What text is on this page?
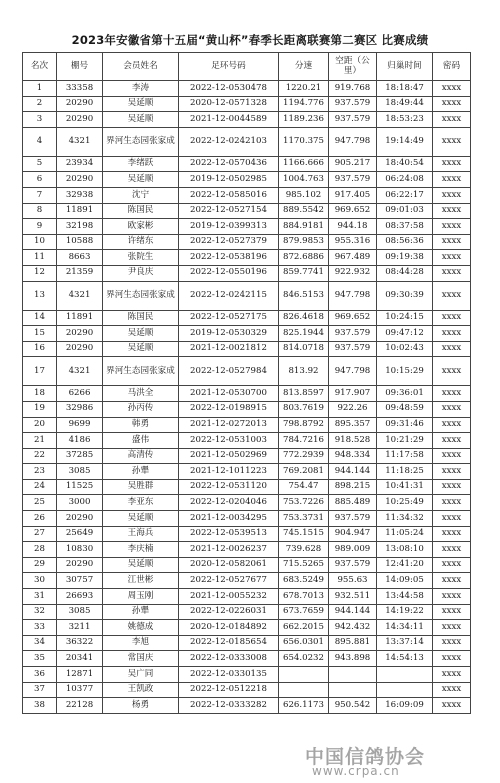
2023年安徽省第十五届“黄山杯”春季长距离联赛第二赛区 比赛成绩
名次	棚号	会员姓名	足环号码	分速	空距（公里）	归巢时间	密码
1	33358	李涛	2022-12-0530478	1220.21	919.768	18:18:47	xxxx
2	20290	吴延顺	2020-12-0571328	1194.776	937.579	18:49:44	xxxx
3	20290	吴延顺	2021-12-0044589	1189.236	937.579	18:53:23	xxxx
4	4321	界河生态园张家成	2022-12-0242103	1170.375	947.798	19:14:49	xxxx
5	23934	李绪跃	2022-12-0570436	1166.666	905.217	18:40:54	xxxx
6	20290	吴延顺	2019-12-0502985	1004.763	937.579	06:24:08	xxxx
7	32938	沈宁	2022-12-0585016	985.102	917.405	06:22:17	xxxx
8	11891	陈国民	2022-12-0527154	889.5542	969.652	09:01:03	xxxx
9	32198	欧家彬	2019-12-0399313	884.9181	944.18	08:37:58	xxxx
10	10588	许绪东	2022-12-0527379	879.9853	955.316	08:56:36	xxxx
11	8663	张院生	2022-12-0538196	872.6886	967.489	09:19:38	xxxx
12	21359	尹良庆	2022-12-0550196	859.7741	922.932	08:44:28	xxxx
13	4321	界河生态园张家成	2022-12-0242115	846.5153	947.798	09:30:39	xxxx
14	11891	陈国民	2022-12-0527175	826.4618	969.652	10:24:15	xxxx
15	20290	吴延顺	2019-12-0530329	825.1944	937.579	09:47:12	xxxx
16	20290	吴延顺	2021-12-0021812	814.0718	937.579	10:02:43	xxxx
17	4321	界河生态园张家成	2022-12-0527984	813.92	947.798	10:15:29	xxxx
18	6266	马洪全	2021-12-0530700	813.8597	917.907	09:36:01	xxxx
19	32986	孙丙传	2022-12-0198915	803.7619	922.26	09:48:59	xxxx
20	9699	韩勇	2021-12-0272013	798.8792	895.357	09:31:46	xxxx
21	4186	盛伟	2022-12-0531003	784.7216	918.528	10:21:29	xxxx
22	37285	高清传	2021-12-0502969	772.2939	948.334	11:17:58	xxxx
23	3085	孙犟	2021-12-1011223	769.2081	944.144	11:18:25	xxxx
24	11525	吴胜群	2022-12-0531120	754.47	898.215	10:41:31	xxxx
25	3000	李亚东	2022-12-0204046	753.7226	885.489	10:25:49	xxxx
26	20290	吴延顺	2021-12-0034295	753.3731	937.579	11:34:32	xxxx
27	25649	王海兵	2022-12-0539513	745.1515	904.947	11:05:24	xxxx
28	10830	李庆楠	2021-12-0026237	739.628	989.009	13:08:10	xxxx
29	20290	吴延顺	2020-12-0582061	715.5265	937.579	12:41:20	xxxx
30	30757	江世彬	2022-12-0527677	683.5249	955.63	14:09:05	xxxx
31	26693	周玉刚	2021-12-0055232	678.7013	932.511	13:44:58	xxxx
32	3085	孙犟	2022-12-0226031	673.7659	944.144	14:19:22	xxxx
33	3211	姚德成	2020-12-0184892	662.2015	942.432	14:34:11	xxxx
34	36322	李旭	2022-12-0185654	656.0301	895.881	13:37:14	xxxx
35	20341	常国庆	2022-12-0333008	654.0232	943.898	14:54:13	xxxx
36	12871	吴广同	2022-12-0330135				xxxx
37	10377	王凯政	2022-12-0512218				xxxx
38	22128	杨勇	2022-12-0333282	626.1173	950.542	16:09:09	xxxx
中国信鸽协会
www.crpa.cn
